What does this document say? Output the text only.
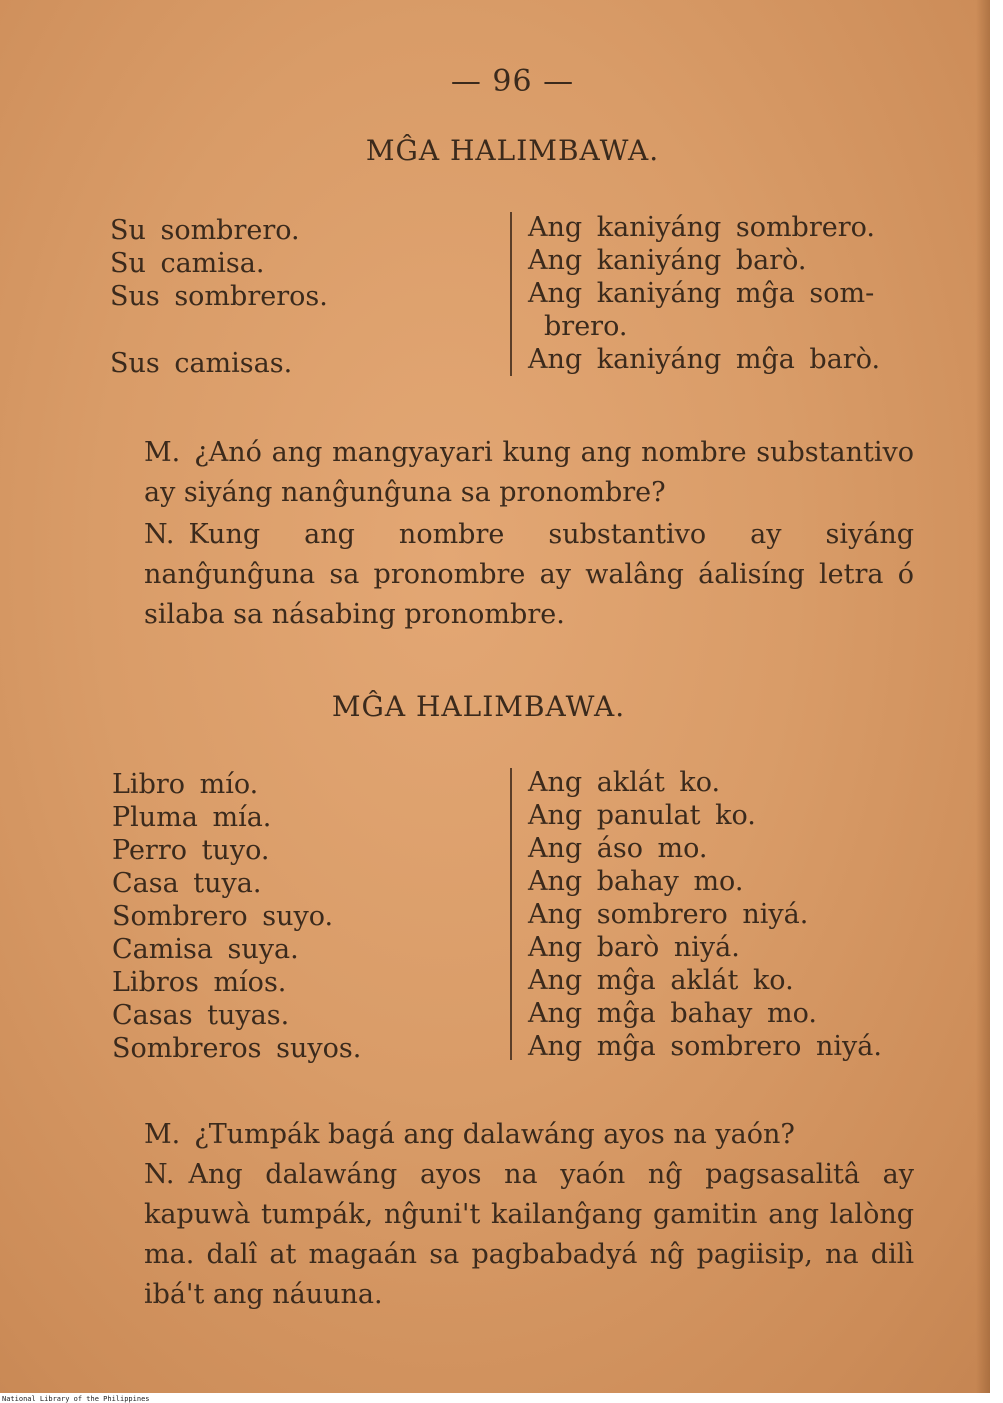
— 96 —
MĜA HALIMBAWA.
Su sombrero.
Su camisa.
Sus sombreros.
Sus camisas.
Ang kaniyáng sombrero.
Ang kaniyáng barò.
Ang kaniyáng mĝa som-
brero.
Ang kaniyáng mĝa barò.
M. ¿Anó ang mangyayari kung ang nombre substantivo ay siyáng nanĝunĝuna sa pronombre?
N. Kung ang nombre substantivo ay siyáng nanĝunĝuna sa pronombre ay walâng áalisíng letra ó silaba sa násabing pronombre.
MĜA HALIMBAWA.
Libro mío.
Pluma mía.
Perro tuyo.
Casa tuya.
Sombrero suyo.
Camisa suya.
Libros míos.
Casas tuyas.
Sombreros suyos.
Ang aklát ko.
Ang panulat ko.
Ang áso mo.
Ang bahay mo.
Ang sombrero niyá.
Ang barò niyá.
Ang mĝa aklát ko.
Ang mĝa bahay mo.
Ang mĝa sombrero niyá.
M. ¿Tumpák bagá ang dalawáng ayos na yaón?
N. Ang dalawáng ayos na yaón nĝ pagsasalitâ ay kapuwà tumpák, nĝuni't kailanĝang gamitin ang lalòng ma. dalî at magaán sa pagbabadyá nĝ pagiisip, na dilì ibá't ang náuuna.
National Library of the Philippines
